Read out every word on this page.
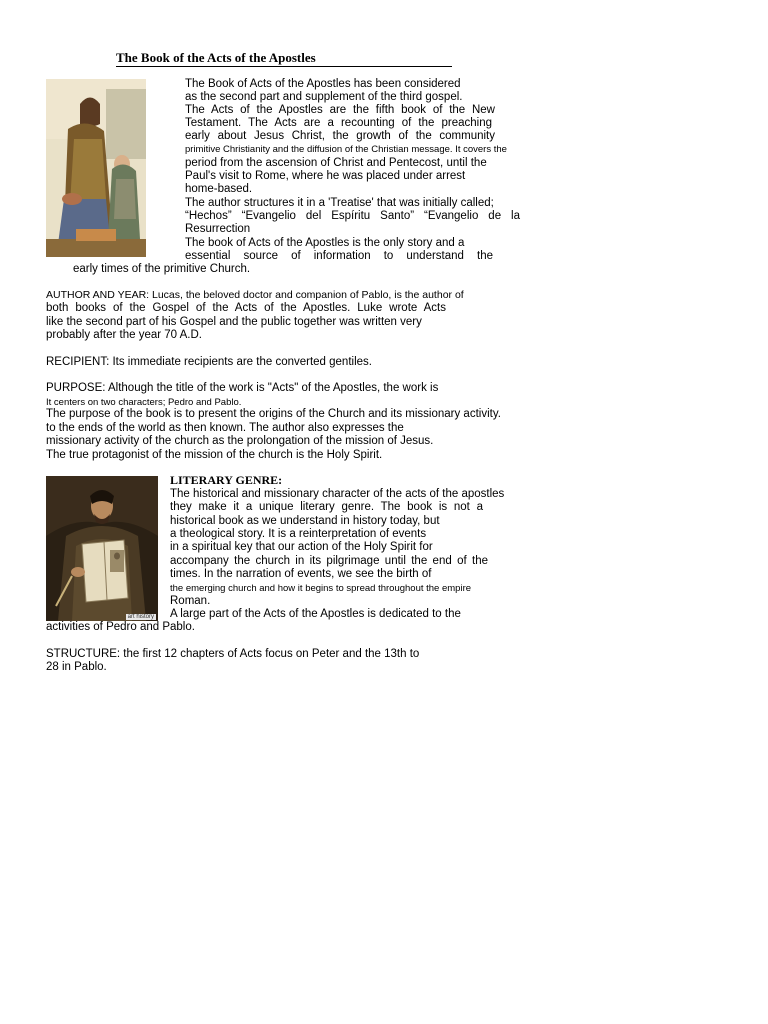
The Book of the Acts of the Apostles
The Book of Acts of the Apostles has been considered
as the second part and supplement of the third gospel.
The Acts of the Apostles are the fifth book of the New
Testament. The Acts are a recounting of the preaching
early about Jesus Christ, the growth of the community
primitive Christianity and the diffusion of the Christian message. It covers the
period from the ascension of Christ and Pentecost, until the
Paul's visit to Rome, where he was placed under arrest
home-based.
The author structures it in a 'Treatise' that was initially called;
“Hechos” “Evangelio del Espíritu Santo” “Evangelio de la
Resurrection
The book of Acts of the Apostles is the only story and a
essential source of information to understand the
early times of the primitive Church.
AUTHOR AND YEAR: Lucas, the beloved doctor and companion of Pablo, is the author of
both books of the Gospel of the Acts of the Apostles. Luke wrote Acts
like the second part of his Gospel and the public together was written very
probably after the year 70 A.D.
RECIPIENT: Its immediate recipients are the converted gentiles.
PURPOSE: Although the title of the work is "Acts" of the Apostles, the work is
It centers on two characters; Pedro and Pablo.
The purpose of the book is to present the origins of the Church and its missionary activity.
to the ends of the world as then known. The author also expresses the
missionary activity of the church as the prolongation of the mission of Jesus.
The true protagonist of the mission of the church is the Holy Spirit.
art history
LITERARY GENRE:
The historical and missionary character of the acts of the apostles
they make it a unique literary genre. The book is not a
historical book as we understand in history today, but
a theological story. It is a reinterpretation of events
in a spiritual key that our action of the Holy Spirit for
accompany the church in its pilgrimage until the end of the
times. In the narration of events, we see the birth of
the emerging church and how it begins to spread throughout the empire
Roman.
A large part of the Acts of the Apostles is dedicated to the
activities of Pedro and Pablo.
STRUCTURE: the first 12 chapters of Acts focus on Peter and the 13th to
28 in Pablo.
